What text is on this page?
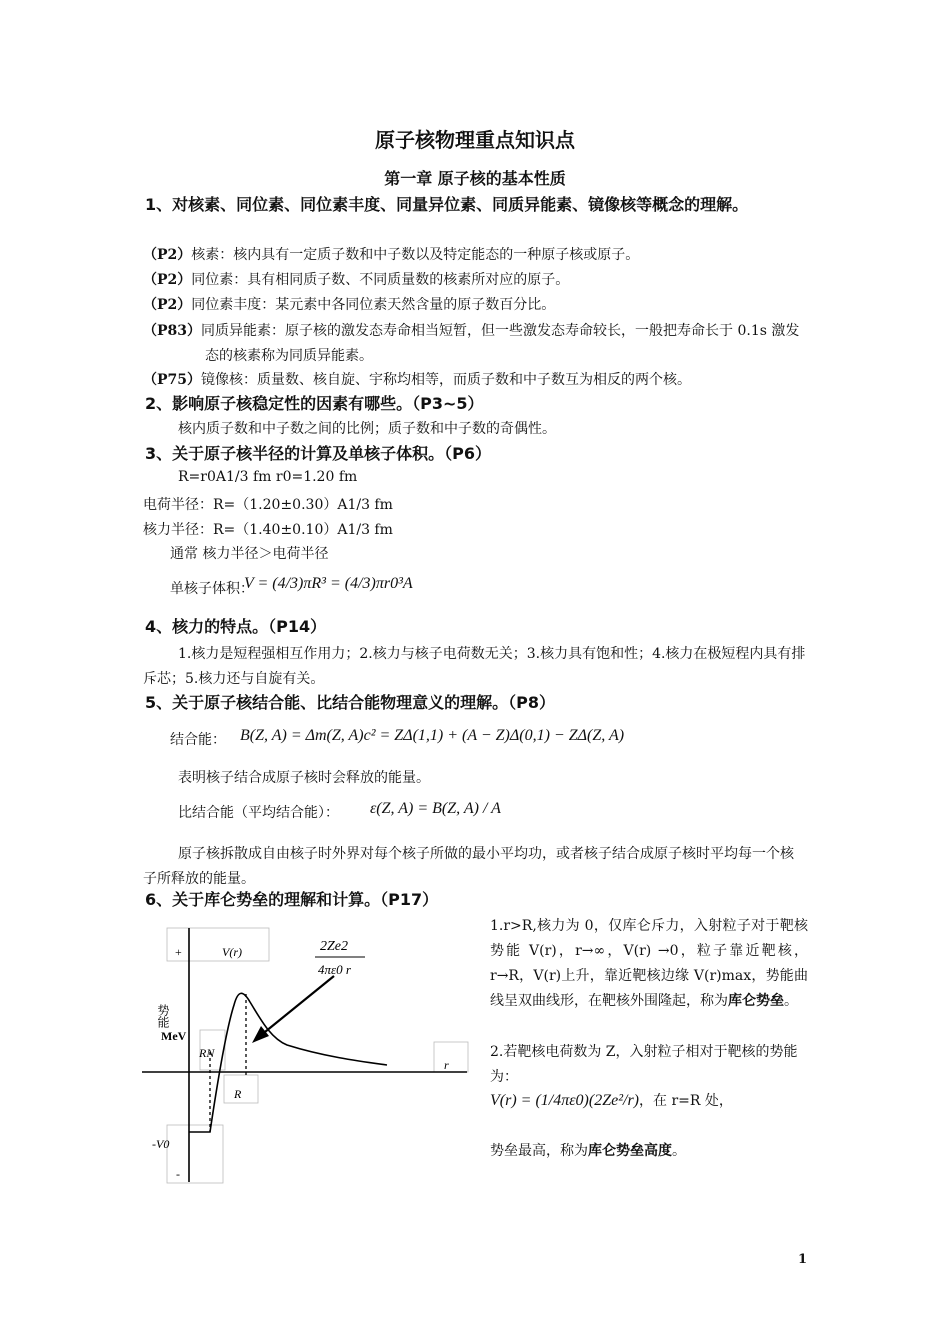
原子核物理重点知识点
第一章 原子核的基本性质
1、对核素、同位素、同位素丰度、同量异位素、同质异能素、镜像核等概念的理解。
（P2）核素：核内具有一定质子数和中子数以及特定能态的一种原子核或原子。
（P2）同位素：具有相同质子数、不同质量数的核素所对应的原子。
（P2）同位素丰度：某元素中各同位素天然含量的原子数百分比。
（P83）同质异能素：原子核的激发态寿命相当短暂，但一些激发态寿命较长，一般把寿命长于 0.1s 激发态的核素称为同质异能素。
（P75）镜像核：质量数、核自旋、宇称均相等，而质子数和中子数互为相反的两个核。
2、影响原子核稳定性的因素有哪些。（P3~5）
核内质子数和中子数之间的比例；质子数和中子数的奇偶性。
3、关于原子核半径的计算及单核子体积。（P6）
R=r0A1/3 fm r0=1.20 fm
电荷半径：R=（1.20±0.30）A1/3 fm
核力半径：R=（1.40±0.10）A1/3 fm
通常 核力半径＞电荷半径
单核子体积：
V = (4/3)πR³ = (4/3)πr0³A
4、核力的特点。（P14）
1.核力是短程强相互作用力；2.核力与核子电荷数无关；3.核力具有饱和性；4.核力在极短程内具有排斥芯；5.核力还与自旋有关。
5、关于原子核结合能、比结合能物理意义的理解。（P8）
结合能： B(Z, A) = Δm(Z, A)c² = ZΔ(1,1) + (A − Z)Δ(0,1) − ZΔ(Z, A)
表明核子结合成原子核时会释放的能量。
比结合能（平均结合能）： ε(Z, A) = B(Z, A) / A
原子核拆散成自由核子时外界对每个核子所做的最小平均功，或者核子结合成原子核时平均每一个核子所释放的能量。
6、关于库仑势垒的理解和计算。（P17）
1.r>R,核力为 0，仅库仑斥力，入射粒子对于靶核势能 V(r)，r→∞，V(r) →0，粒子靠近靶核，r→R，V(r)上升，靠近靶核边缘 V(r)max，势能曲线呈双曲线形，在靶核外围隆起，称为库仑势垒。
2.若靶核电荷数为 Z，入射粒子相对于靶核的势能为：
V(r) = (1/4πε0)(2Ze²/r)，在 r=R 处，
势垒最高，称为库仑势垒高度。
+	V(r)
势能
MeV
RN
r
R
-V0
-
2Ze2
4πε0 r
1
